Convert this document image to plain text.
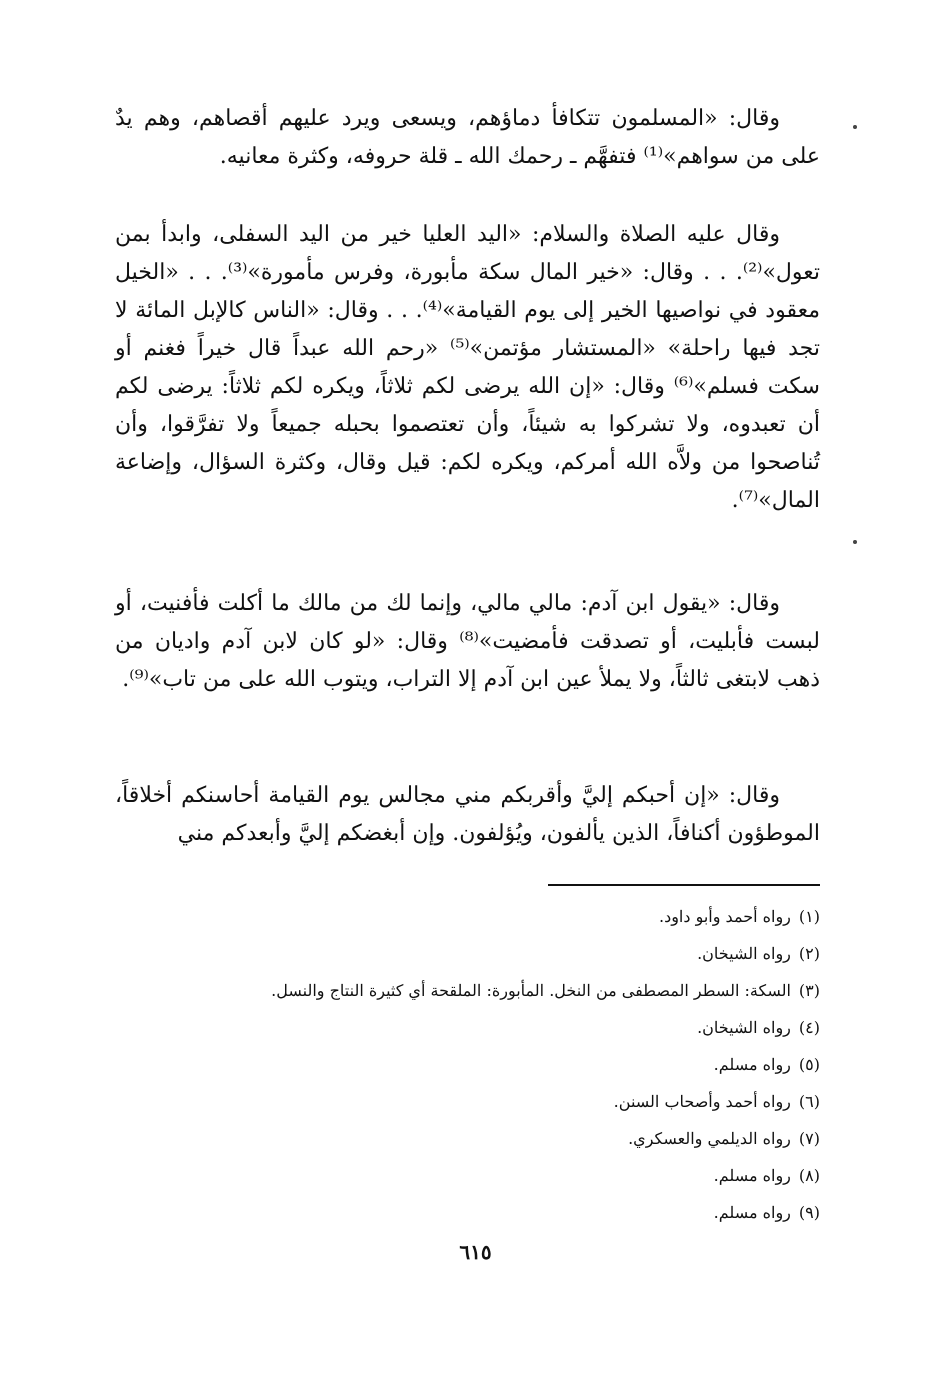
وقال: «المسلمون تتكافأ دماؤهم، ويسعى ويرد عليهم أقصاهم، وهم يدٌ على من سواهم»⁽¹⁾ فتفهَّم ـ رحمك الله ـ قلة حروفه، وكثرة معانيه.

وقال عليه الصلاة والسلام: «اليد العليا خير من اليد السفلى، وابدأ بمن تعول»⁽²⁾. . . وقال: «خير المال سكة مأبورة، وفرس مأمورة»⁽³⁾. . . «الخيل معقود في نواصيها الخير إلى يوم القيامة»⁽⁴⁾. . . وقال: «الناس كالإبل المائة لا تجد فيها راحلة» «المستشار مؤتمن»⁽⁵⁾ «رحم الله عبداً قال خيراً فغنم أو سكت فسلم»⁽⁶⁾ وقال: «إن الله يرضى لكم ثلاثاً، ويكره لكم ثلاثاً: يرضى لكم أن تعبدوه، ولا تشركوا به شيئاً، وأن تعتصموا بحبله جميعاً ولا تفرَّقوا، وأن تُناصحوا من ولاَّه الله أمركم، ويكره لكم: قيل وقال، وكثرة السؤال، وإضاعة المال»⁽⁷⁾.

وقال: «يقول ابن آدم: مالي مالي، وإنما لك من مالك ما أكلت فأفنيت، أو لبست فأبليت، أو تصدقت فأمضيت»⁽⁸⁾ وقال: «لو كان لابن آدم واديان من ذهب لابتغى ثالثاً، ولا يملأ عين ابن آدم إلا التراب، ويتوب الله على من تاب»⁽⁹⁾.

وقال: «إن أحبكم إليَّ وأقربكم مني مجالس يوم القيامة أحاسنكم أخلاقاً، الموطؤون أكنافاً، الذين يألفون، ويُؤلفون. وإن أبغضكم إليَّ وأبعدكم مني

(١)رواه أحمد وأبو داود.
(٢)رواه الشيخان.
(٣)السكة: السطر المصطفى من النخل. المأبورة: الملقحة أي كثيرة النتاج والنسل.
(٤)رواه الشيخان.
(٥)رواه مسلم.
(٦)رواه أحمد وأصحاب السنن.
(٧)رواه الديلمي والعسكري.
(٨)رواه مسلم.
(٩)رواه مسلم.
٦١٥
